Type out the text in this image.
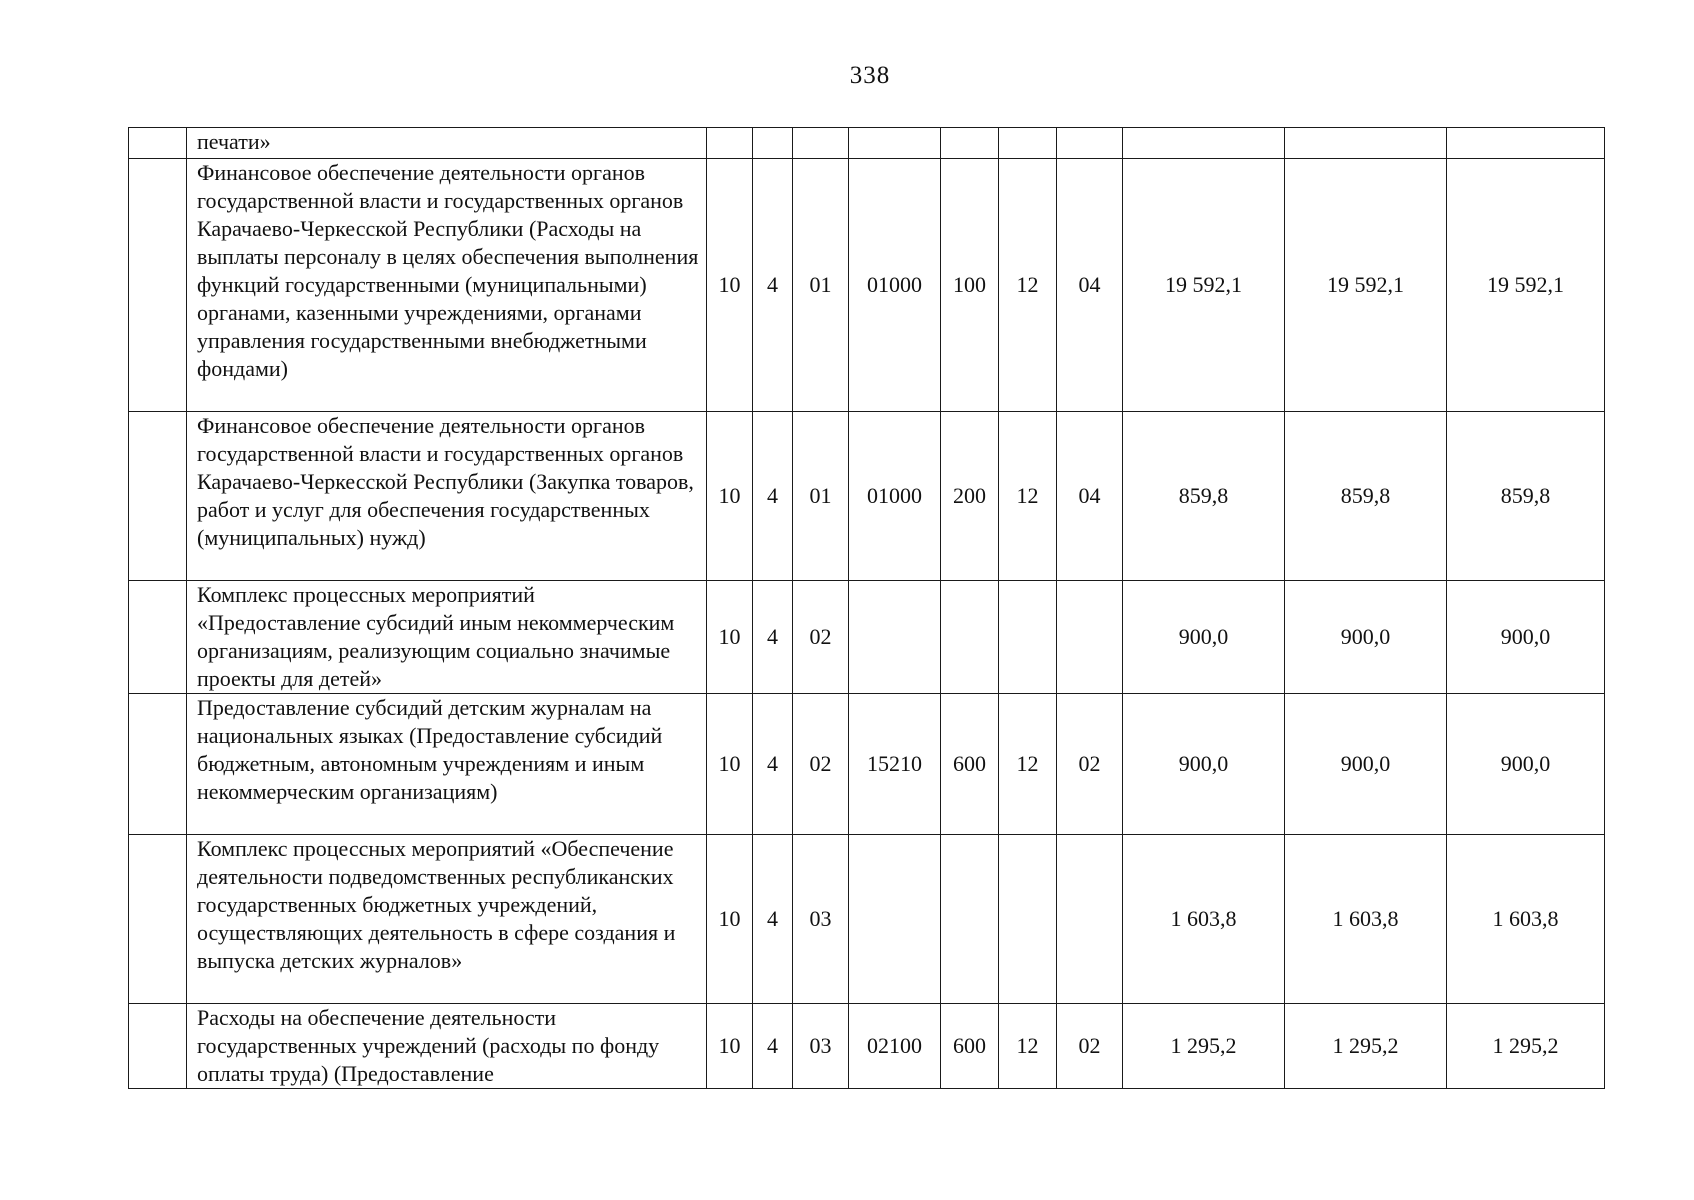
338
	печати»										
	Финансовое обеспечение деятельности органов государственной власти и государственных органов Карачаево-Черкесской Республики (Расходы на выплаты персоналу в целях обеспечения выполнения функций государственными (муниципальными) органами, казенными учреждениями, органами управления государственными внебюджетными фондами)	10	4	01	01000	100	12	04	19 592,1	19 592,1	19 592,1
	Финансовое обеспечение деятельности органов государственной власти и государственных органов Карачаево-Черкесской Республики (Закупка товаров, работ и услуг для обеспечения государственных (муниципальных) нужд)	10	4	01	01000	200	12	04	859,8	859,8	859,8
	Комплекс процессных мероприятий «Предоставление субсидий иным некоммерческим организациям, реализующим социально значимые проекты для детей»	10	4	02					900,0	900,0	900,0
	Предоставление субсидий детским журналам на национальных языках (Предоставление субсидий бюджетным, автономным учреждениям и иным некоммерческим организациям)	10	4	02	15210	600	12	02	900,0	900,0	900,0
	Комплекс процессных мероприятий «Обеспечение деятельности подведомственных республиканских государственных бюджетных учреждений, осуществляющих деятельность в сфере создания и выпуска детских журналов»	10	4	03					1 603,8	1 603,8	1 603,8
	Расходы на обеспечение деятельности государственных учреждений (расходы по фонду оплаты труда) (Предоставление	10	4	03	02100	600	12	02	1 295,2	1 295,2	1 295,2
